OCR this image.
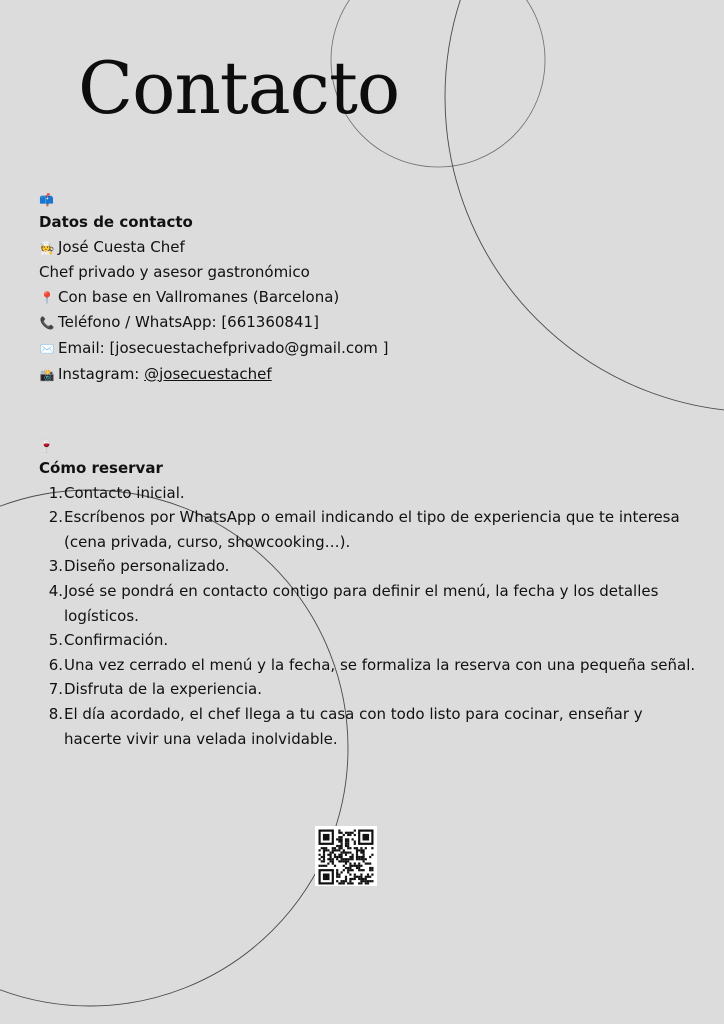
Contacto
📫
Datos de contacto
🧑‍🍳 José Cuesta Chef
Chef privado y asesor gastronómico
📍 Con base en Vallromanes (Barcelona)
📞 Teléfono / WhatsApp: [661360841]
✉️ Email: [josecuestachefprivado@gmail.com ]
📸 Instagram: @josecuestachef
🍷
Cómo reservar
1. Contacto inicial.
2. Escríbenos por WhatsApp o email indicando el tipo de experiencia que te interesa
(cena privada, curso, showcooking…).
3. Diseño personalizado.
4. José se pondrá en contacto contigo para definir el menú, la fecha y los detalles
logísticos.
5. Confirmación.
6. Una vez cerrado el menú y la fecha, se formaliza la reserva con una pequeña señal.
7. Disfruta de la experiencia.
8. El día acordado, el chef llega a tu casa con todo listo para cocinar, enseñar y
hacerte vivir una velada inolvidable.
